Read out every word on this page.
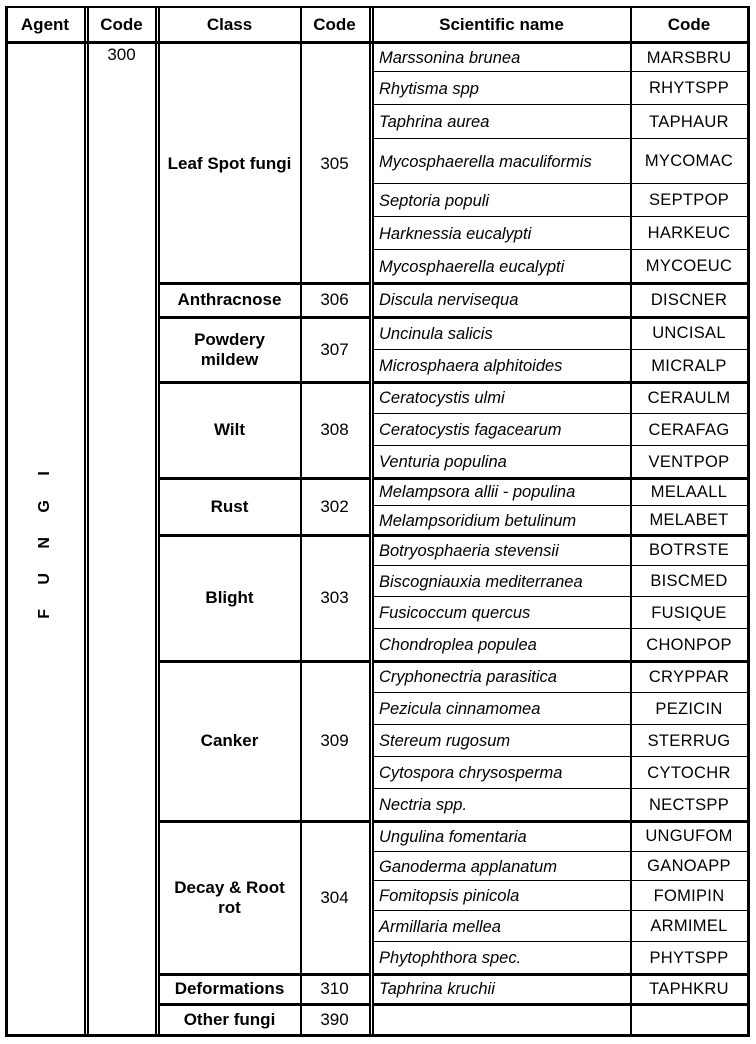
Agent	Code	Class	Code	Scientific name	Code
F U N G I
300
Leaf Spot fungi	305
Marssonina brunea	MARSBRU
Rhytisma spp	RHYTSPP
Taphrina aurea	TAPHAUR
Mycosphaerella maculiformis	MYCOMAC
Septoria populi	SEPTPOP
Harknessia eucalypti	HARKEUC
Mycosphaerella eucalypti	MYCOEUC
Anthracnose	306	Discula nervisequa	DISCNER
Powdery mildew
307
Uncinula salicis	UNCISAL
Microsphaera alphitoides	MICRALP
Wilt	308
Ceratocystis ulmi	CERAULM
Ceratocystis fagacearum	CERAFAG
Venturia populina	VENTPOP
Rust	302
Melampsora allii - populina	MELAALL
Melampsoridium betulinum	MELABET
Blight	303
Botryosphaeria stevensii	BOTRSTE
Biscogniauxia mediterranea	BISCMED
Fusicoccum quercus	FUSIQUE
Chondroplea populea	CHONPOP
Canker	309
Cryphonectria parasitica	CRYPPAR
Pezicula cinnamomea	PEZICIN
Stereum rugosum	STERRUG
Cytospora chrysosperma	CYTOCHR
Nectria spp.	NECTSPP
Decay & Root rot
304
Ungulina fomentaria	UNGUFOM
Ganoderma applanatum	GANOAPP
Fomitopsis pinicola	FOMIPIN
Armillaria mellea	ARMIMEL
Phytophthora spec.	PHYTSPP
Deformations	310	Taphrina kruchii	TAPHKRU
Other fungi	390
